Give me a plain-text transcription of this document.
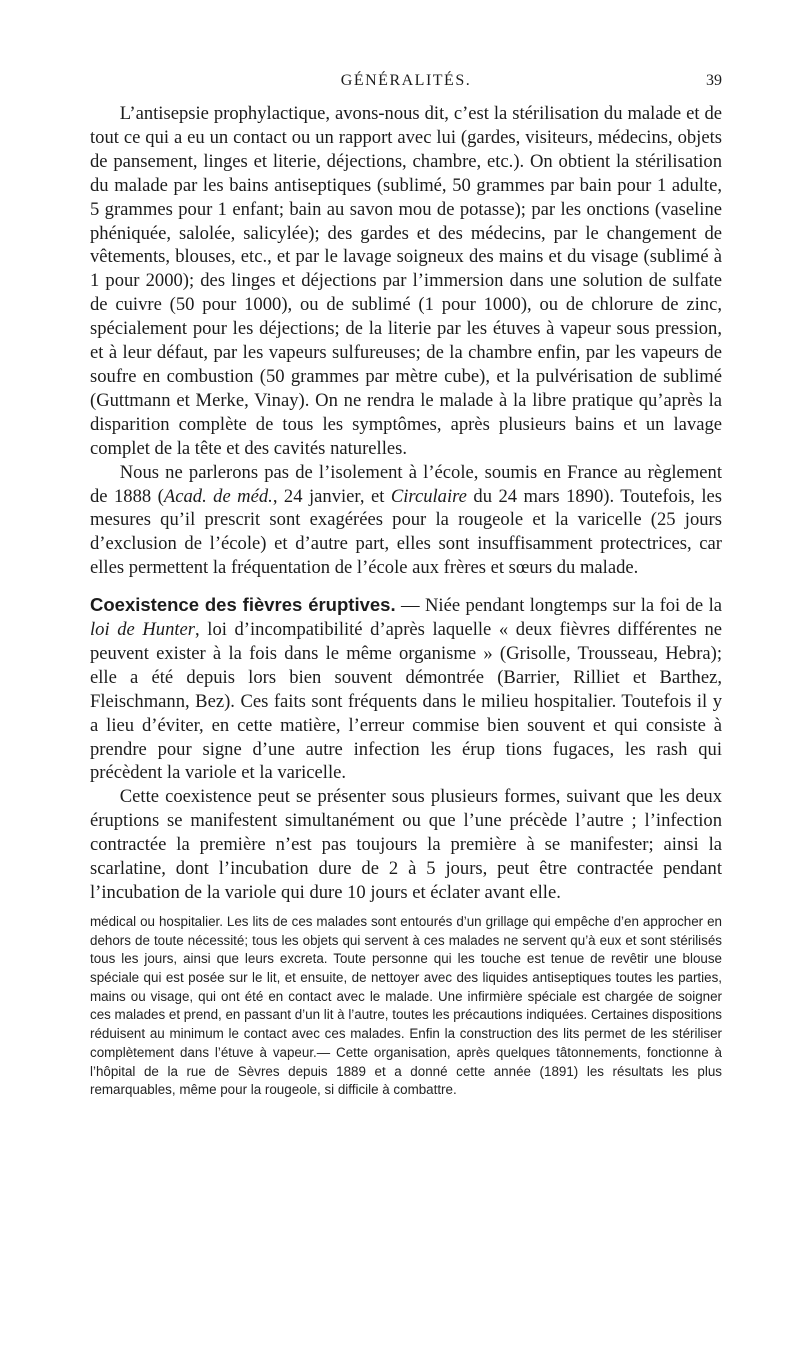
GÉNÉRALITÉS.	39

L’antisepsie prophylactique, avons-nous dit, c’est la stérilisation du malade et de tout ce qui a eu un contact ou un rapport avec lui (gardes, visiteurs, médecins, objets de pansement, linges et literie, déjections, chambre, etc.). On obtient la stérilisation du malade par les bains antiseptiques (sublimé, 50 grammes par bain pour 1 adulte, 5 grammes pour 1 enfant; bain au savon mou de potasse); par les onctions (vaseline phéniquée, salolée, salicylée); des gardes et des médecins, par le changement de vêtements, blouses, etc., et par le lavage soigneux des mains et du visage (sublimé à 1 pour 2000); des linges et déjections par l’immersion dans une solution de sulfate de cuivre (50 pour 1000), ou de sublimé (1 pour 1000), ou de chlorure de zinc, spécialement pour les déjections; de la literie par les étuves à vapeur sous pression, et à leur défaut, par les vapeurs sulfureuses; de la chambre enfin, par les vapeurs de soufre en combustion (50 grammes par mètre cube), et la pulvérisation de sublimé (Guttmann et Merke, Vinay). On ne rendra le malade à la libre pratique qu’après la disparition complète de tous les symptômes, après plusieurs bains et un lavage complet de la tête et des cavités naturelles.

Nous ne parlerons pas de l’isolement à l’école, soumis en France au règlement de 1888 (Acad. de méd., 24 janvier, et Circulaire du 24 mars 1890). Toutefois, les mesures qu’il prescrit sont exagérées pour la rougeole et la varicelle (25 jours d’exclusion de l’école) et d’autre part, elles sont insuffisamment protectrices, car elles permettent la fréquentation de l’école aux frères et sœurs du malade.

Coexistence des fièvres éruptives. — Niée pendant longtemps sur la foi de la loi de Hunter, loi d’incompatibilité d’après laquelle « deux fièvres différentes ne peuvent exister à la fois dans le même organisme » (Grisolle, Trousseau, Hebra); elle a été depuis lors bien souvent démontrée (Barrier, Rilliet et Barthez, Fleischmann, Bez). Ces faits sont fréquents dans le milieu hospitalier. Toutefois il y a lieu d’éviter, en cette matière, l’erreur commise bien souvent et qui consiste à prendre pour signe d’une autre infection les érup tions fugaces, les rash qui précèdent la variole et la varicelle.

Cette coexistence peut se présenter sous plusieurs formes, suivant que les deux éruptions se manifestent simultanément ou que l’une précède l’autre ; l’infection contractée la première n’est pas toujours la première à se manifester; ainsi la scarlatine, dont l’incubation dure de 2 à 5 jours, peut être contractée pendant l’incubation de la variole qui dure 10 jours et éclater avant elle.

médical ou hospitalier. Les lits de ces malades sont entourés d’un grillage qui empêche d’en approcher en dehors de toute nécessité; tous les objets qui servent à ces malades ne servent qu’à eux et sont stérilisés tous les jours, ainsi que leurs excreta. Toute personne qui les touche est tenue de revêtir une blouse spéciale qui est posée sur le lit, et ensuite, de nettoyer avec des liquides antiseptiques toutes les parties, mains ou visage, qui ont été en contact avec le malade. Une infirmière spéciale est chargée de soigner ces malades et prend, en passant d’un lit à l’autre, toutes les précautions indiquées. Certaines dispositions réduisent au minimum le contact avec ces malades. Enfin la construction des lits permet de les stériliser complètement dans l’étuve à vapeur.— Cette organisation, après quelques tâtonnements, fonctionne à l’hôpital de la rue de Sèvres depuis 1889 et a donné cette année (1891) les résultats les plus remarquables, même pour la rougeole, si difficile à combattre.
